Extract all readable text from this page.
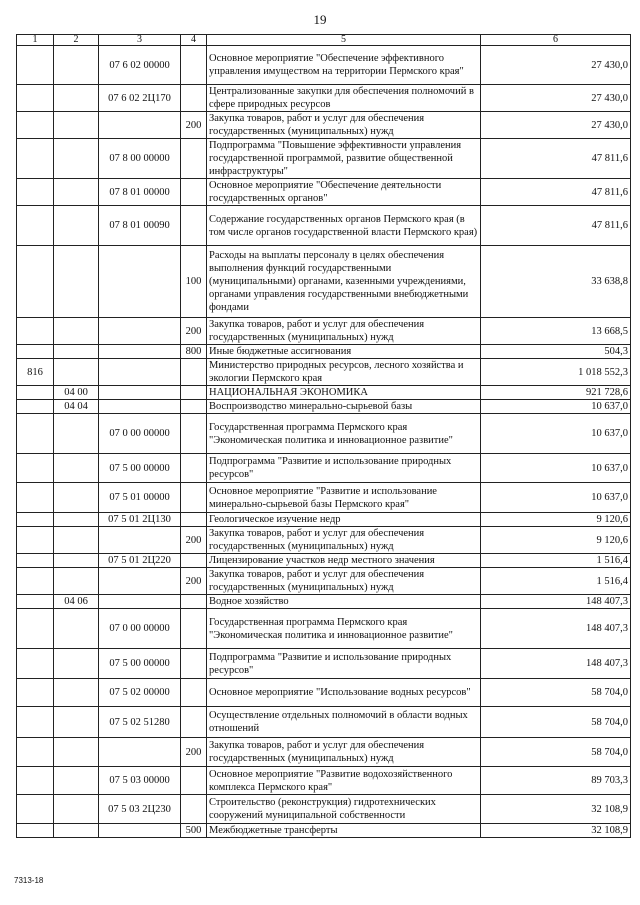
19
1	2	3	4	5	6
		07 6 02 00000		Основное мероприятие "Обеспечение эффективного управления имуществом на территории Пермского края"	27 430,0
		07 6 02 2Ц170		Централизованные закупки для обеспечения полномочий в сфере природных ресурсов	27 430,0
			200	Закупка товаров, работ и услуг для обеспечения государственных (муниципальных) нужд	27 430,0
		07 8 00 00000		Подпрограмма "Повышение эффективности управления государственной программой, развитие общественной инфраструктуры"	47 811,6
		07 8 01 00000		Основное мероприятие "Обеспечение деятельности государственных органов"	47 811,6
		07 8 01 00090		Содержание государственных органов Пермского края (в том числе органов государственной власти Пермского края)	47 811,6
			100	Расходы на выплаты персоналу в целях обеспечения выполнения функций государственными (муниципальными) органами, казенными учреждениями, органами управления государственными внебюджетными фондами	33 638,8
			200	Закупка товаров, работ и услуг для обеспечения государственных (муниципальных) нужд	13 668,5
			800	Иные бюджетные ассигнования	504,3
816				Министерство природных ресурсов, лесного хозяйства и экологии Пермского края	1 018 552,3
	04 00			НАЦИОНАЛЬНАЯ ЭКОНОМИКА	921 728,6
	04 04			Воспроизводство минерально-сырьевой базы	10 637,0
		07 0 00 00000		Государственная программа Пермского края "Экономическая политика и инновационное развитие"	10 637,0
		07 5 00 00000		Подпрограмма "Развитие и использование природных ресурсов"	10 637,0
		07 5 01 00000		Основное мероприятие "Развитие и использование минерально-сырьевой базы Пермского края"	10 637,0
		07 5 01 2Ц130		Геологическое изучение недр	9 120,6
			200	Закупка товаров, работ и услуг для обеспечения государственных (муниципальных) нужд	9 120,6
		07 5 01 2Ц220		Лицензирование участков недр местного значения	1 516,4
			200	Закупка товаров, работ и услуг для обеспечения государственных (муниципальных) нужд	1 516,4
	04 06			Водное хозяйство	148 407,3
		07 0 00 00000		Государственная программа Пермского края "Экономическая политика и инновационное развитие"	148 407,3
		07 5 00 00000		Подпрограмма "Развитие и использование природных ресурсов"	148 407,3
		07 5 02 00000		Основное мероприятие "Использование водных ресурсов"	58 704,0
		07 5 02 51280		Осуществление отдельных полномочий в области водных отношений	58 704,0
			200	Закупка товаров, работ и услуг для обеспечения государственных (муниципальных) нужд	58 704,0
		07 5 03 00000		Основное мероприятие "Развитие водохозяйственного комплекса Пермского края"	89 703,3
		07 5 03 2Ц230		Строительство (реконструкция) гидротехнических сооружений муниципальной собственности	32 108,9
			500	Межбюджетные трансферты	32 108,9
7313-18
